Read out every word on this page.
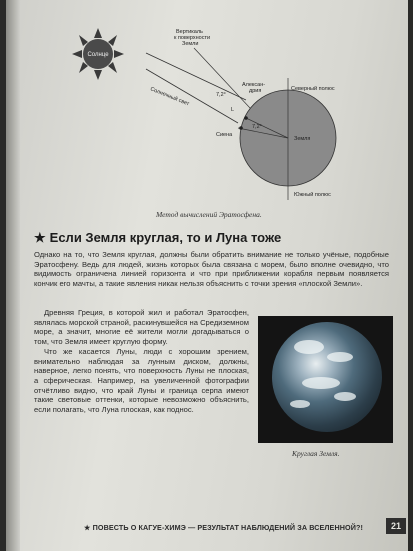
Солнце
Вертикаль к поверхности Земли
Алексан- дрия	Северный полюс
Солнечный свет	7,2°
L
7,2°
Сиена
Земля
Южный полюс
Метод вычислений Эратосфена.
★ Если Земля круглая, то и Луна тоже
Однако на то, что Земля круглая, должны были обратить внимание не только учёные, подобные Эратосфену. Ведь для людей, жизнь которых была связана с морем, было вполне очевидно, что видимость ограничена линией горизонта и что при приближении корабля первым появляется кончик его мачты, а такие явления никак нельзя объяснить с точки зрения «плоской Земли».
Древняя Греция, в которой жил и работал Эратосфен, являлась морской страной, раскинувшейся на Средиземном море, а значит, многие её жители могли догадываться о том, что Земля имеет круглую форму.
Что же касается Луны, люди с хорошим зрением, внимательно наблюдая за лунным диском, должны, наверное, легко понять, что поверхность Луны не плоская, а сферическая. Например, на увеличенной фотографии отчётливо видно, что край Луны и граница серпа имеют такие световые оттенки, которые невозможно объяснить, если полагать, что Луна плоская, как поднос.
Круглая Земля.
★ ПОВЕСТЬ О КАГУЕ-ХИМЭ — РЕЗУЛЬТАТ НАБЛЮДЕНИЙ ЗА ВСЕЛЕННОЙ?!	21
